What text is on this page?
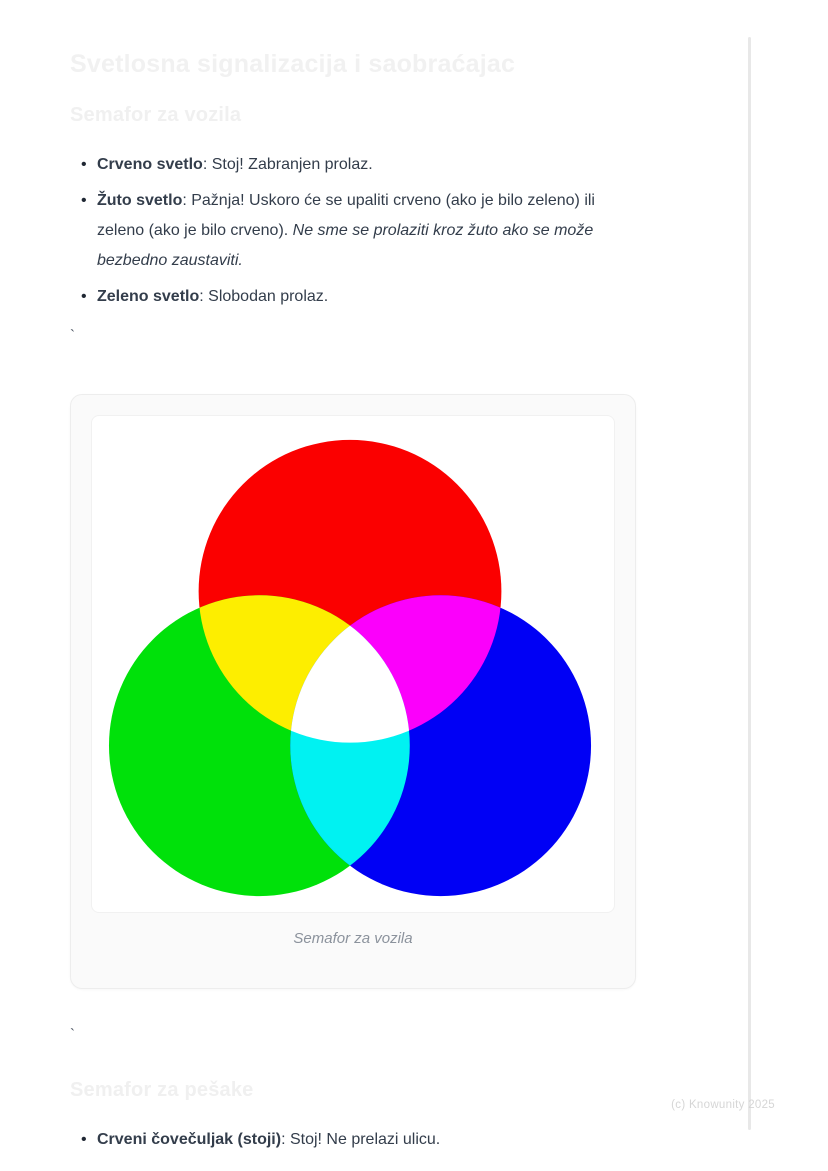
Svetlosna signalizacija i saobraćajac
Semafor za vozila
• Crveno svetlo: Stoj! Zabranjen prolaz.
• Žuto svetlo: Pažnja! Uskoro će se upaliti crveno (ako je bilo zeleno) ili zeleno (ako je bilo crveno). Ne sme se prolaziti kroz žuto ako se može bezbedno zaustaviti.
• Zeleno svetlo: Slobodan prolaz.

`

Semafor za vozila

`

Semafor za pešake
• Crveni čovečuljak (stoji): Stoj! Ne prelazi ulicu.
(c) Knowunity 2025
